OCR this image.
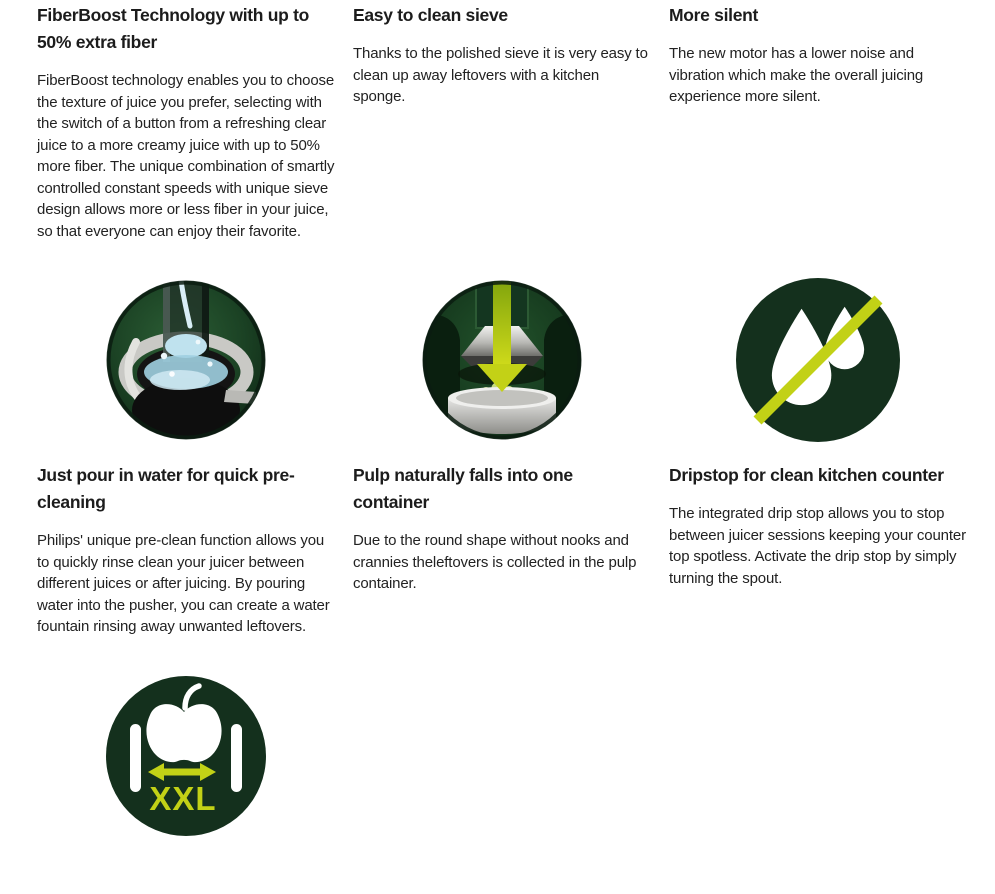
FiberBoost Technology with up to 50% extra fiber

FiberBoost technology enables you to choose the texture of juice you prefer, selecting with the switch of a button from a refreshing clear juice to a more creamy juice with up to 50% more fiber. The unique combination of smartly controlled constant speeds with unique sieve design allows more or less fiber in your juice, so that everyone can enjoy their favorite.

Easy to clean sieve

Thanks to the polished sieve it is very easy to clean up away leftovers with a kitchen sponge.

More silent

The new motor has a lower noise and vibration which make the overall juicing experience more silent.

Just pour in water for quick pre-cleaning

Philips' unique pre-clean function allows you to quickly rinse clean your juicer between different juices or after juicing. By pouring water into the pusher, you can create a water fountain rinsing away unwanted leftovers.

Pulp naturally falls into one container

Due to the round shape without nooks and crannies theleftovers is collected in the pulp container.

Dripstop for clean kitchen counter

The integrated drip stop allows you to stop between juicer sessions keeping your counter top spotless. Activate the drip stop by simply turning the spout.

XXL
